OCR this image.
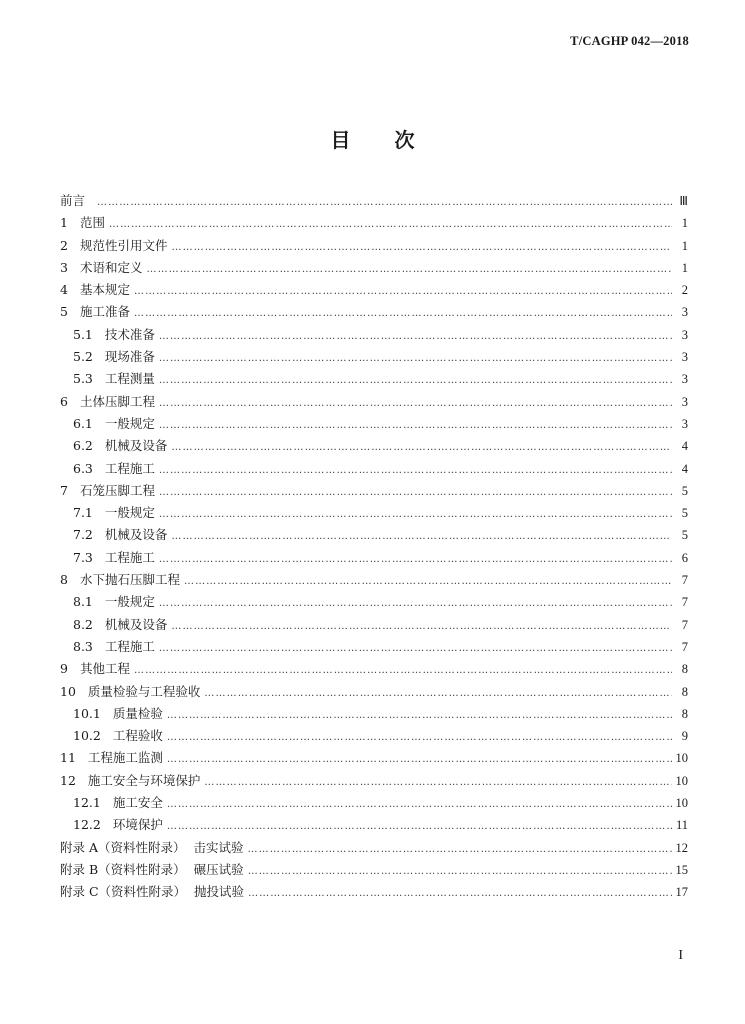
T/CAGHP 042—2018
目 次
前言 …………………………………………………………………………………………………………………………………………………………………………………………………………………	Ⅲ
1 范围 …………………………………………………………………………………………………………………………………………………………………………………………………………………	1
2 规范性引用文件 …………………………………………………………………………………………………………………………………………………………………………………………………………………	1
3 术语和定义 …………………………………………………………………………………………………………………………………………………………………………………………………………………	1
4 基本规定 …………………………………………………………………………………………………………………………………………………………………………………………………………………	2
5 施工准备 …………………………………………………………………………………………………………………………………………………………………………………………………………………	3
5.1 技术准备 …………………………………………………………………………………………………………………………………………………………………………………………………………………	3
5.2 现场准备 …………………………………………………………………………………………………………………………………………………………………………………………………………………	3
5.3 工程测量 …………………………………………………………………………………………………………………………………………………………………………………………………………………	3
6 土体压脚工程 …………………………………………………………………………………………………………………………………………………………………………………………………………………	3
6.1 一般规定 …………………………………………………………………………………………………………………………………………………………………………………………………………………	3
6.2 机械及设备 …………………………………………………………………………………………………………………………………………………………………………………………………………………	4
6.3 工程施工 …………………………………………………………………………………………………………………………………………………………………………………………………………………	4
7 石笼压脚工程 …………………………………………………………………………………………………………………………………………………………………………………………………………………	5
7.1 一般规定 …………………………………………………………………………………………………………………………………………………………………………………………………………………	5
7.2 机械及设备 …………………………………………………………………………………………………………………………………………………………………………………………………………………	5
7.3 工程施工 …………………………………………………………………………………………………………………………………………………………………………………………………………………	6
8 水下抛石压脚工程 …………………………………………………………………………………………………………………………………………………………………………………………………………………	7
8.1 一般规定 …………………………………………………………………………………………………………………………………………………………………………………………………………………	7
8.2 机械及设备 …………………………………………………………………………………………………………………………………………………………………………………………………………………	7
8.3 工程施工 …………………………………………………………………………………………………………………………………………………………………………………………………………………	7
9 其他工程 …………………………………………………………………………………………………………………………………………………………………………………………………………………	8
10 质量检验与工程验收 …………………………………………………………………………………………………………………………………………………………………………………………………………………	8
10.1 质量检验 …………………………………………………………………………………………………………………………………………………………………………………………………………………	8
10.2 工程验收 …………………………………………………………………………………………………………………………………………………………………………………………………………………	9
11 工程施工监测 …………………………………………………………………………………………………………………………………………………………………………………………………………………	10
12 施工安全与环境保护 …………………………………………………………………………………………………………………………………………………………………………………………………………………	10
12.1 施工安全 …………………………………………………………………………………………………………………………………………………………………………………………………………………	10
12.2 环境保护 …………………………………………………………………………………………………………………………………………………………………………………………………………………	11
附录 A（资料性附录） 击实试验 …………………………………………………………………………………………………………………………………………………………………………………………………………………	12
附录 B（资料性附录） 碾压试验 …………………………………………………………………………………………………………………………………………………………………………………………………………………	15
附录 C（资料性附录） 抛投试验 …………………………………………………………………………………………………………………………………………………………………………………………………………………	17
I
